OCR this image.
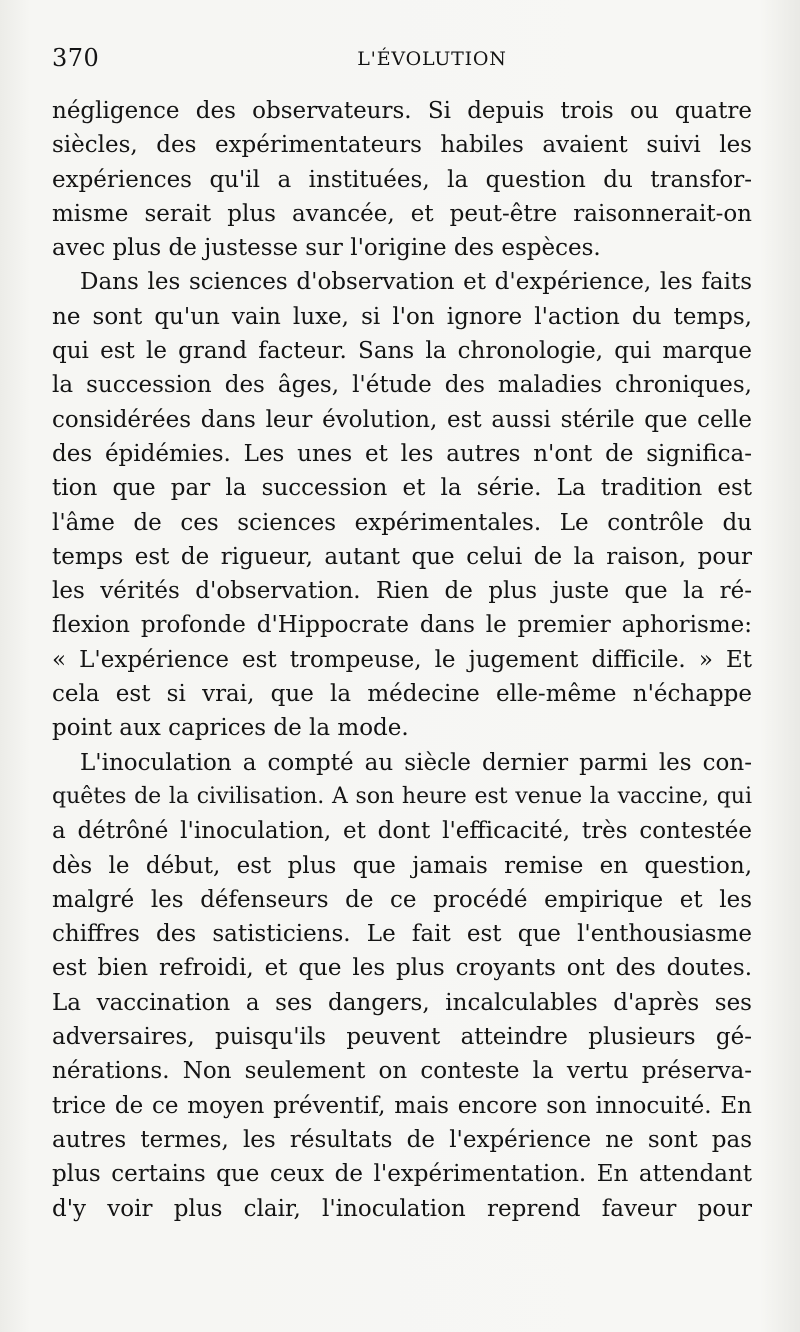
370	L'ÉVOLUTION

négligence des observateurs. Si depuis trois ou quatre
siècles, des expérimentateurs habiles avaient suivi les
expériences qu'il a instituées, la question du transfor-
misme serait plus avancée, et peut-être raisonnerait-on
avec plus de justesse sur l'origine des espèces.

Dans les sciences d'observation et d'expérience, les faits
ne sont qu'un vain luxe, si l'on ignore l'action du temps,
qui est le grand facteur. Sans la chronologie, qui marque
la succession des âges, l'étude des maladies chroniques,
considérées dans leur évolution, est aussi stérile que celle
des épidémies. Les unes et les autres n'ont de significa-
tion que par la succession et la série. La tradition est
l'âme de ces sciences expérimentales. Le contrôle du
temps est de rigueur, autant que celui de la raison, pour
les vérités d'observation. Rien de plus juste que la ré-
flexion profonde d'Hippocrate dans le premier aphorisme:
« L'expérience est trompeuse, le jugement difficile. » Et
cela est si vrai, que la médecine elle-même n'échappe
point aux caprices de la mode.

L'inoculation a compté au siècle dernier parmi les con-
quêtes de la civilisation. A son heure est venue la vaccine, qui
a détrôné l'inoculation, et dont l'efficacité, très contestée
dès le début, est plus que jamais remise en question,
malgré les défenseurs de ce procédé empirique et les
chiffres des satisticiens. Le fait est que l'enthousiasme
est bien refroidi, et que les plus croyants ont des doutes.
La vaccination a ses dangers, incalculables d'après ses
adversaires, puisqu'ils peuvent atteindre plusieurs gé-
nérations. Non seulement on conteste la vertu préserva-
trice de ce moyen préventif, mais encore son innocuité. En
autres termes, les résultats de l'expérience ne sont pas
plus certains que ceux de l'expérimentation. En attendant
d'y voir plus clair, l'inoculation reprend faveur pour
